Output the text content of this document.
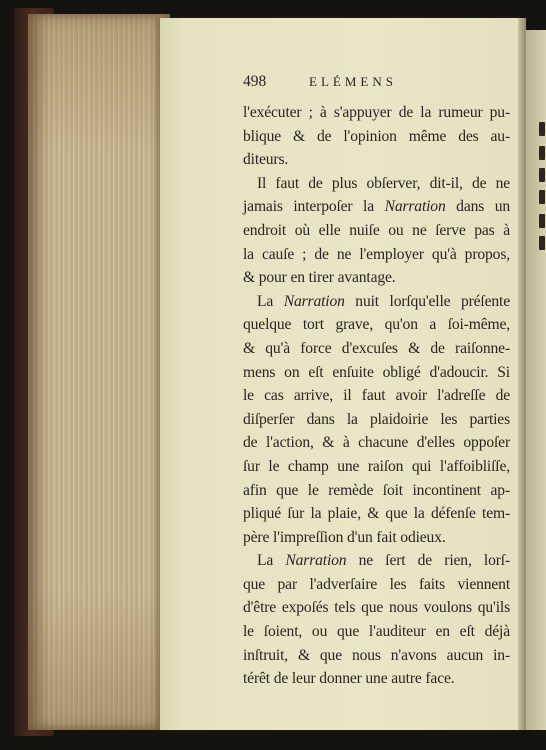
498	ELÉMENS
l'exécuter ; à s'appuyer de la rumeur pu-
blique & de l'opinion même des au-
diteurs.
Il faut de plus obſerver, dit-il, de ne
jamais interpoſer la Narration dans un
endroit où elle nuiſe ou ne ſerve pas à
la cauſe ; de ne l'employer qu'à propos,
& pour en tirer avantage.
La Narration nuit lorſqu'elle préſente
quelque tort grave, qu'on a ſoi-même,
& qu'à force d'excuſes & de raiſonne-
mens on eſt enſuite obligé d'adoucir. Si
le cas arrive, il faut avoir l'adreſſe de
diſperſer dans la plaidoirie les parties
de l'action, & à chacune d'elles oppoſer
ſur le champ une raiſon qui l'affoibliſſe,
afin que le remède ſoit incontinent ap-
pliqué ſur la plaie, & que la défenſe tem-
père l'impreſſion d'un fait odieux.
La Narration ne ſert de rien, lorſ-
que par l'adverſaire les faits viennent
d'être expoſés tels que nous voulons qu'ils
le ſoient, ou que l'auditeur en eſt déjà
inſtruit, & que nous n'avons aucun in-
térêt de leur donner une autre face.
